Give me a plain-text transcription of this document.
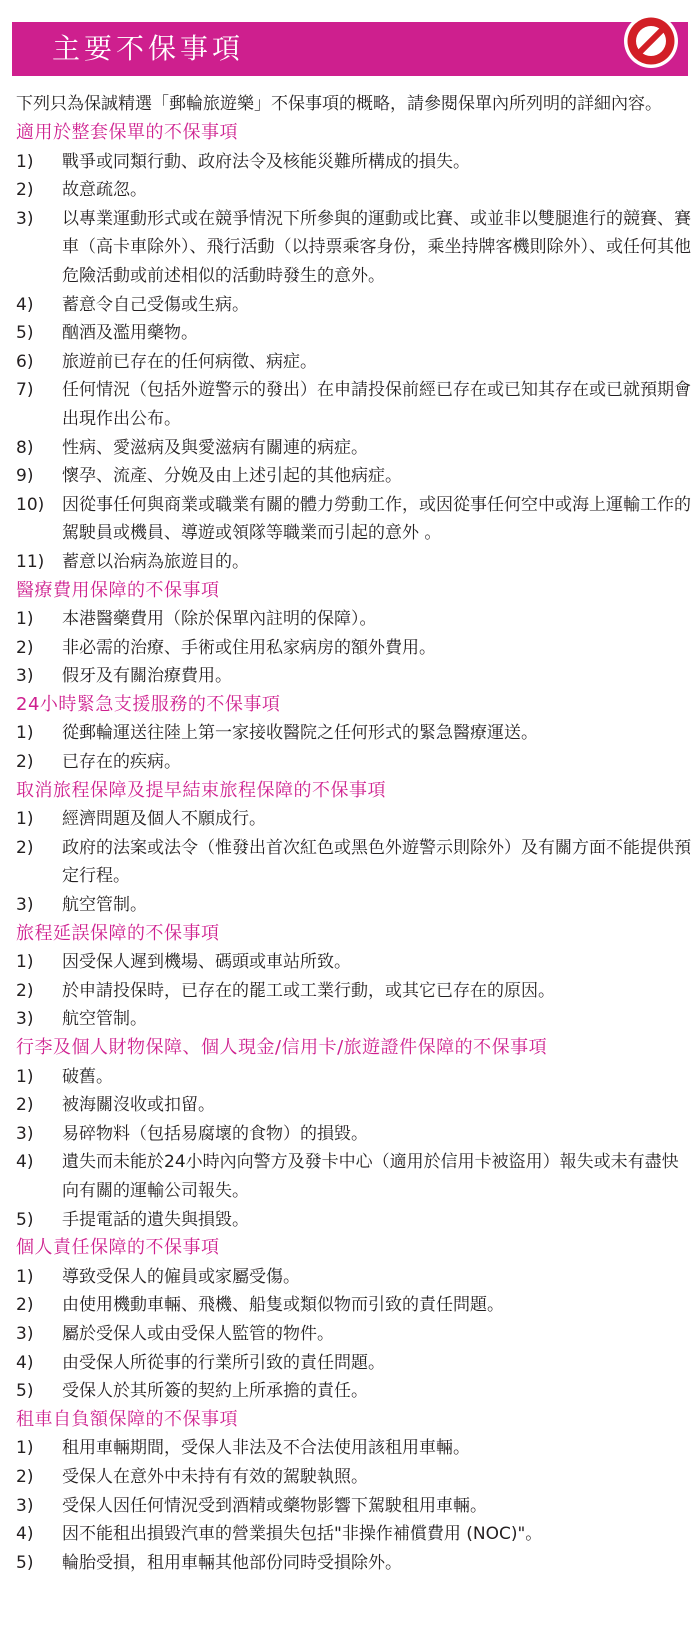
主要不保事項
下列只為保誠精選「郵輪旅遊樂」不保事項的概略，請參閱保單內所列明的詳細內容。
適用於整套保單的不保事項
1)	戰爭或同類行動、政府法令及核能災難所構成的損失。
2)	故意疏忽。
3)	以專業運動形式或在競爭情況下所參與的運動或比賽、或並非以雙腿進行的競賽、賽車（高卡車除外）、飛行活動（以持票乘客身份，乘坐持牌客機則除外）、或任何其他危險活動或前述相似的活動時發生的意外。
4)	蓄意令自己受傷或生病。
5)	酗酒及濫用藥物。
6)	旅遊前已存在的任何病徵、病症。
7)	任何情況（包括外遊警示的發出）在申請投保前經已存在或已知其存在或已就預期會出現作出公布。
8)	性病、愛滋病及與愛滋病有關連的病症。
9)	懷孕、流產、分娩及由上述引起的其他病症。
10)	因從事任何與商業或職業有關的體力勞動工作，或因從事任何空中或海上運輸工作的駕駛員或機員、導遊或領隊等職業而引起的意外 。
11)	蓄意以治病為旅遊目的。
醫療費用保障的不保事項
1)	本港醫藥費用（除於保單內註明的保障）。
2)	非必需的治療、手術或住用私家病房的額外費用。
3)	假牙及有關治療費用。
24小時緊急支援服務的不保事項
1)	從郵輪運送往陸上第一家接收醫院之任何形式的緊急醫療運送。
2)	已存在的疾病。
取消旅程保障及提早結束旅程保障的不保事項
1)	經濟問題及個人不願成行。
2)	政府的法案或法令（惟發出首次紅色或黑色外遊警示則除外）及有關方面不能提供預定行程。
3)	航空管制。
旅程延誤保障的不保事項
1)	因受保人遲到機場、碼頭或車站所致。
2)	於申請投保時，已存在的罷工或工業行動，或其它已存在的原因。
3)	航空管制。
行李及個人財物保障、個人現金/信用卡/旅遊證件保障的不保事項
1)	破舊。
2)	被海關沒收或扣留。
3)	易碎物料（包括易腐壞的食物）的損毀。
4)	遺失而未能於24小時內向警方及發卡中心（適用於信用卡被盜用）報失或未有盡快向有關的運輸公司報失。
5)	手提電話的遺失與損毀。
個人責任保障的不保事項
1)	導致受保人的僱員或家屬受傷。
2)	由使用機動車輛、飛機、船隻或類似物而引致的責任問題。
3)	屬於受保人或由受保人監管的物件。
4)	由受保人所從事的行業所引致的責任問題。
5)	受保人於其所簽的契約上所承擔的責任。
租車自負額保障的不保事項
1)	租用車輛期間，受保人非法及不合法使用該租用車輛。
2)	受保人在意外中未持有有效的駕駛執照。
3)	受保人因任何情況受到酒精或藥物影響下駕駛租用車輛。
4)	因不能租出損毀汽車的營業損失包括"非操作補償費用 (NOC)"。
5)	輪胎受損，租用車輛其他部份同時受損除外。
